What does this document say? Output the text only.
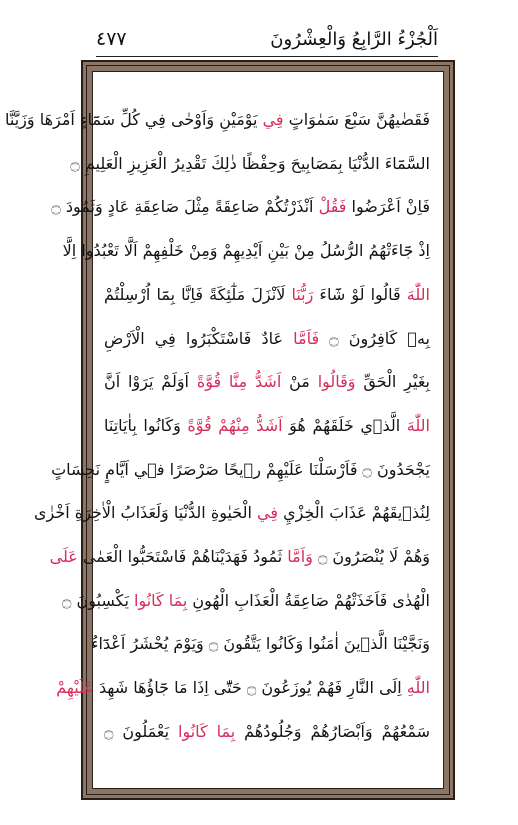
٤٧٧	اَلْجُزْءُ الرَّابِعُ وَالْعِشْرُونَ
فَقَضٰيهُنَّ سَبْعَ سَمٰوَاتٍ فِي يَوْمَيْنِ وَاَوْحٰى فِي كُلِّ سَمَٓاءٍ اَمْرَهَا وَزَيَّنَّا
السَّمَٓاءَ الدُّنْيَا بِمَصَابِيحَ وَحِفْظًا ذٰلِكَ تَقْدِيرُ الْعَزِيزِ الْعَلِيمِ ۝
فَاِنْ اَعْرَضُوا فَقُلْ اَنْذَرْتُكُمْ صَاعِقَةً مِثْلَ صَاعِقَةِ عَادٍ وَثَمُودَ ۝
اِذْ جَٓاءَتْهُمُ الرُّسُلُ مِنْ بَيْنِ اَيْدِيهِمْ وَمِنْ خَلْفِهِمْ اَلَّا تَعْبُدُوا اِلَّا
اللّٰهَ قَالُوا لَوْ شَٓاءَ رَبُّنَا لَاَنْزَلَ مَلٰٓئِكَةً فَاِنَّا بِمَٓا اُرْسِلْتُمْ
بِه۪ كَافِرُونَ ۝ فَاَمَّا عَادٌ فَاسْتَكْبَرُوا فِي الْاَرْضِ
بِغَيْرِ الْحَقِّ وَقَالُوا مَنْ اَشَدُّ مِنَّا قُوَّةً اَوَلَمْ يَرَوْا اَنَّ
اللّٰهَ الَّذ۪ي خَلَقَهُمْ هُوَ اَشَدُّ مِنْهُمْ قُوَّةً وَكَانُوا بِاٰيَاتِنَا
يَجْحَدُونَ ۝ فَاَرْسَلْنَا عَلَيْهِمْ ر۪يحًا صَرْصَرًا ف۪ي اَيَّامٍ نَحِسَاتٍ
لِنُذ۪يقَهُمْ عَذَابَ الْخِزْيِ فِي الْحَيٰوةِ الدُّنْيَا وَلَعَذَابُ الْاٰخِرَةِ اَخْزٰى
وَهُمْ لَا يُنْصَرُونَ ۝ وَاَمَّا ثَمُودُ فَهَدَيْنَاهُمْ فَاسْتَحَبُّوا الْعَمٰى عَلَى
الْهُدٰى فَاَخَذَتْهُمْ صَاعِقَةُ الْعَذَابِ الْهُونِ بِمَا كَانُوا يَكْسِبُونَ ۝
وَنَجَّيْنَا الَّذ۪ينَ اٰمَنُوا وَكَانُوا يَتَّقُونَ ۝ وَيَوْمَ يُحْشَرُ اَعْدَٓاءُ
اللّٰهِ اِلَى النَّارِ فَهُمْ يُوزَعُونَ ۝ حَتّٰٓى اِذَا مَا جَٓاؤُهَا شَهِدَ عَلَيْهِمْ
سَمْعُهُمْ وَاَبْصَارُهُمْ وَجُلُودُهُمْ بِمَا كَانُوا يَعْمَلُونَ ۝
